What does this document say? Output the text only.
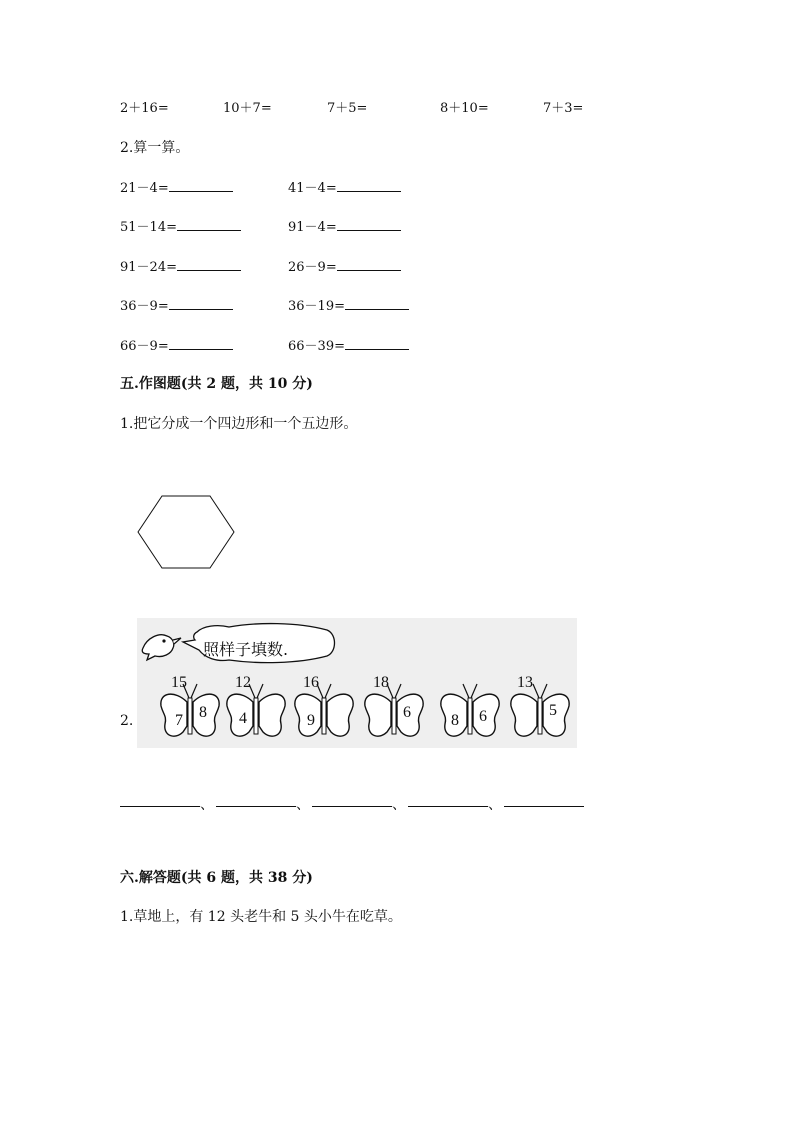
2＋16=	10＋7=	7＋5=	8＋10=	7＋3=
2.算一算。
21－4=	41－4=
51－14=	91－4=
91－24=	26－9=
36－9=	36－19=
66－9=	66－39=
五.作图题(共 2 题，共 10 分)
1.把它分成一个四边形和一个五边形。
2.
照样子填数.
15
7 8
12
4
16
9
18
6	8 6
13
5
、	、	、	、
六.解答题(共 6 题，共 38 分)
1.草地上，有 12 头老牛和 5 头小牛在吃草。
